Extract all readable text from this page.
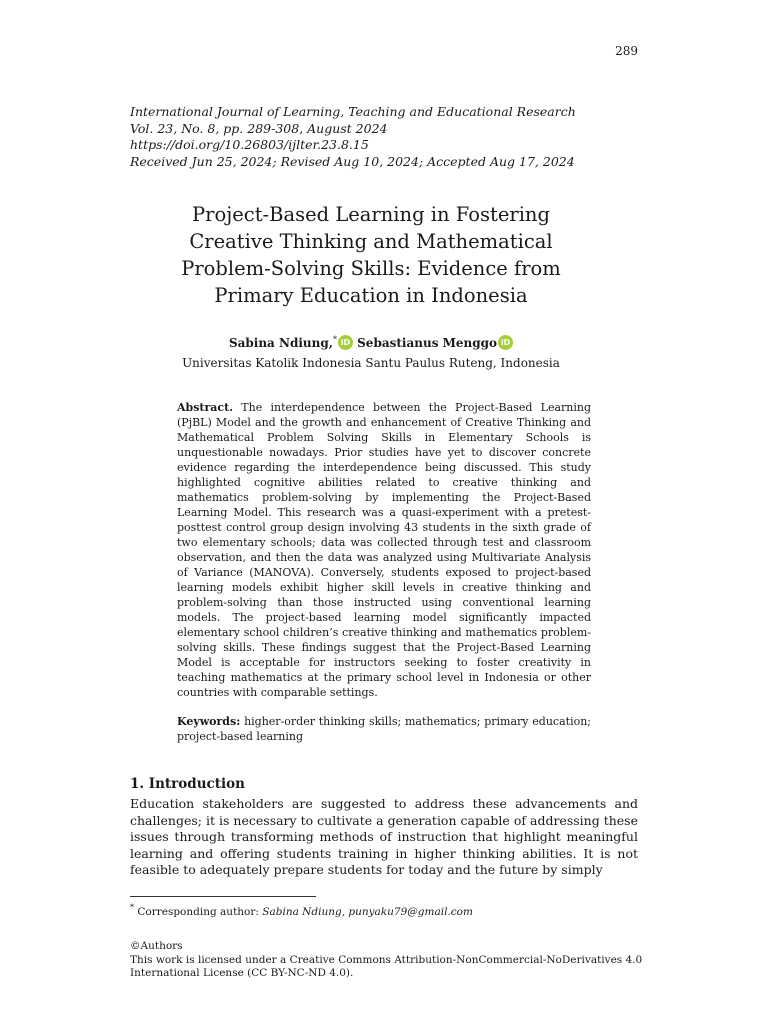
289
International Journal of Learning, Teaching and Educational Research
Vol. 23, No. 8, pp. 289-308, August 2024
https://doi.org/10.26803/ijlter.23.8.15
Received Jun 25, 2024; Revised Aug 10, 2024; Accepted Aug 17, 2024
Project-Based Learning in Fostering
Creative Thinking and Mathematical
Problem-Solving Skills: Evidence from
Primary Education in Indonesia
Sabina Ndiung,* iD Sebastianus Menggo iD
Universitas Katolik Indonesia Santu Paulus Ruteng, Indonesia

Abstract. The interdependence between the Project-Based Learning (PjBL) Model and the growth and enhancement of Creative Thinking and Mathematical Problem Solving Skills in Elementary Schools is unquestionable nowadays. Prior studies have yet to discover concrete evidence regarding the interdependence being discussed. This study highlighted cognitive abilities related to creative thinking and mathematics problem-solving by implementing the Project-Based Learning Model. This research was a quasi-experiment with a pretest-posttest control group design involving 43 students in the sixth grade of two elementary schools; data was collected through test and classroom observation, and then the data was analyzed using Multivariate Analysis of Variance (MANOVA). Conversely, students exposed to project-based learning models exhibit higher skill levels in creative thinking and problem-solving than those instructed using conventional learning models. The project-based learning model significantly impacted elementary school children’s creative thinking and mathematics problem-solving skills. These findings suggest that the Project-Based Learning Model is acceptable for instructors seeking to foster creativity in teaching mathematics at the primary school level in Indonesia or other countries with comparable settings.

Keywords: higher-order thinking skills; mathematics; primary education; project-based learning

1. Introduction

Education stakeholders are suggested to address these advancements and challenges; it is necessary to cultivate a generation capable of addressing these issues through transforming methods of instruction that highlight meaningful learning and offering students training in higher thinking abilities. It is not feasible to adequately prepare students for today and the future by simply

* Corresponding author: Sabina Ndiung, punyaku79@gmail.com
©Authors
This work is licensed under a Creative Commons Attribution-NonCommercial-NoDerivatives 4.0
International License (CC BY-NC-ND 4.0).
